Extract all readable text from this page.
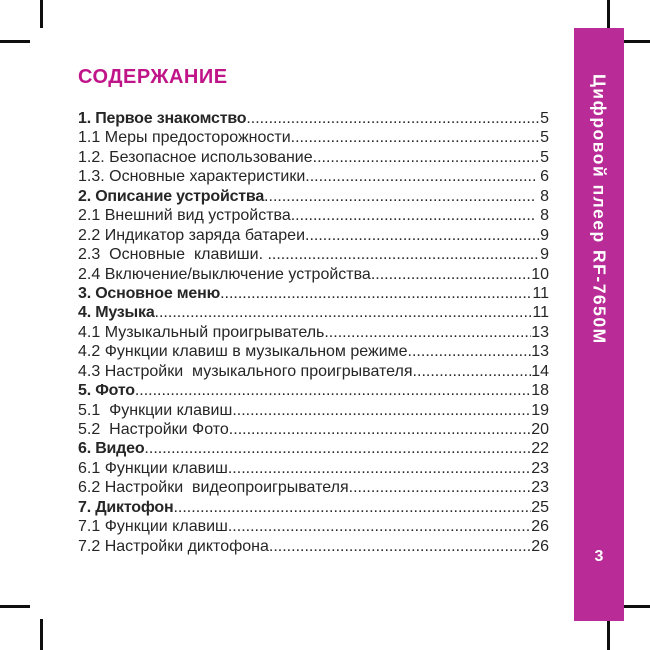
СОДЕРЖАНИЕ
1. Первое знакомство .....	5
1.1 Меры предосторожности .....	5
1.2. Безопасное использование .....	5
1.3. Основные характеристики .....	6
2. Описание устройства .....	8
2.1 Внешний вид устройства .....	8
2.2 Индикатор заряда батареи .....	9
2.3  Основные  клавиши. .....	9
2.4 Включение/выключение устройства .....	10
3. Основное меню .....	11
4. Музыка .....	11
4.1 Музыкальный проигрыватель .....	13
4.2 Функции клавиш в музыкальном режиме .....	13
4.3 Настройки  музыкального проигрывателя .....	14
5. Фото .....	18
5.1  Функции клавиш .....	19
5.2  Настройки Фото .....	20
6. Видео .....	22
6.1 Функции клавиш .....	23
6.2 Настройки  видеопроигрывателя .....	23
7. Диктофон .....	25
7.1 Функции клавиш .....	26
7.2 Настройки диктофона .....	26
Цифровой плеер RF-7650M
3
